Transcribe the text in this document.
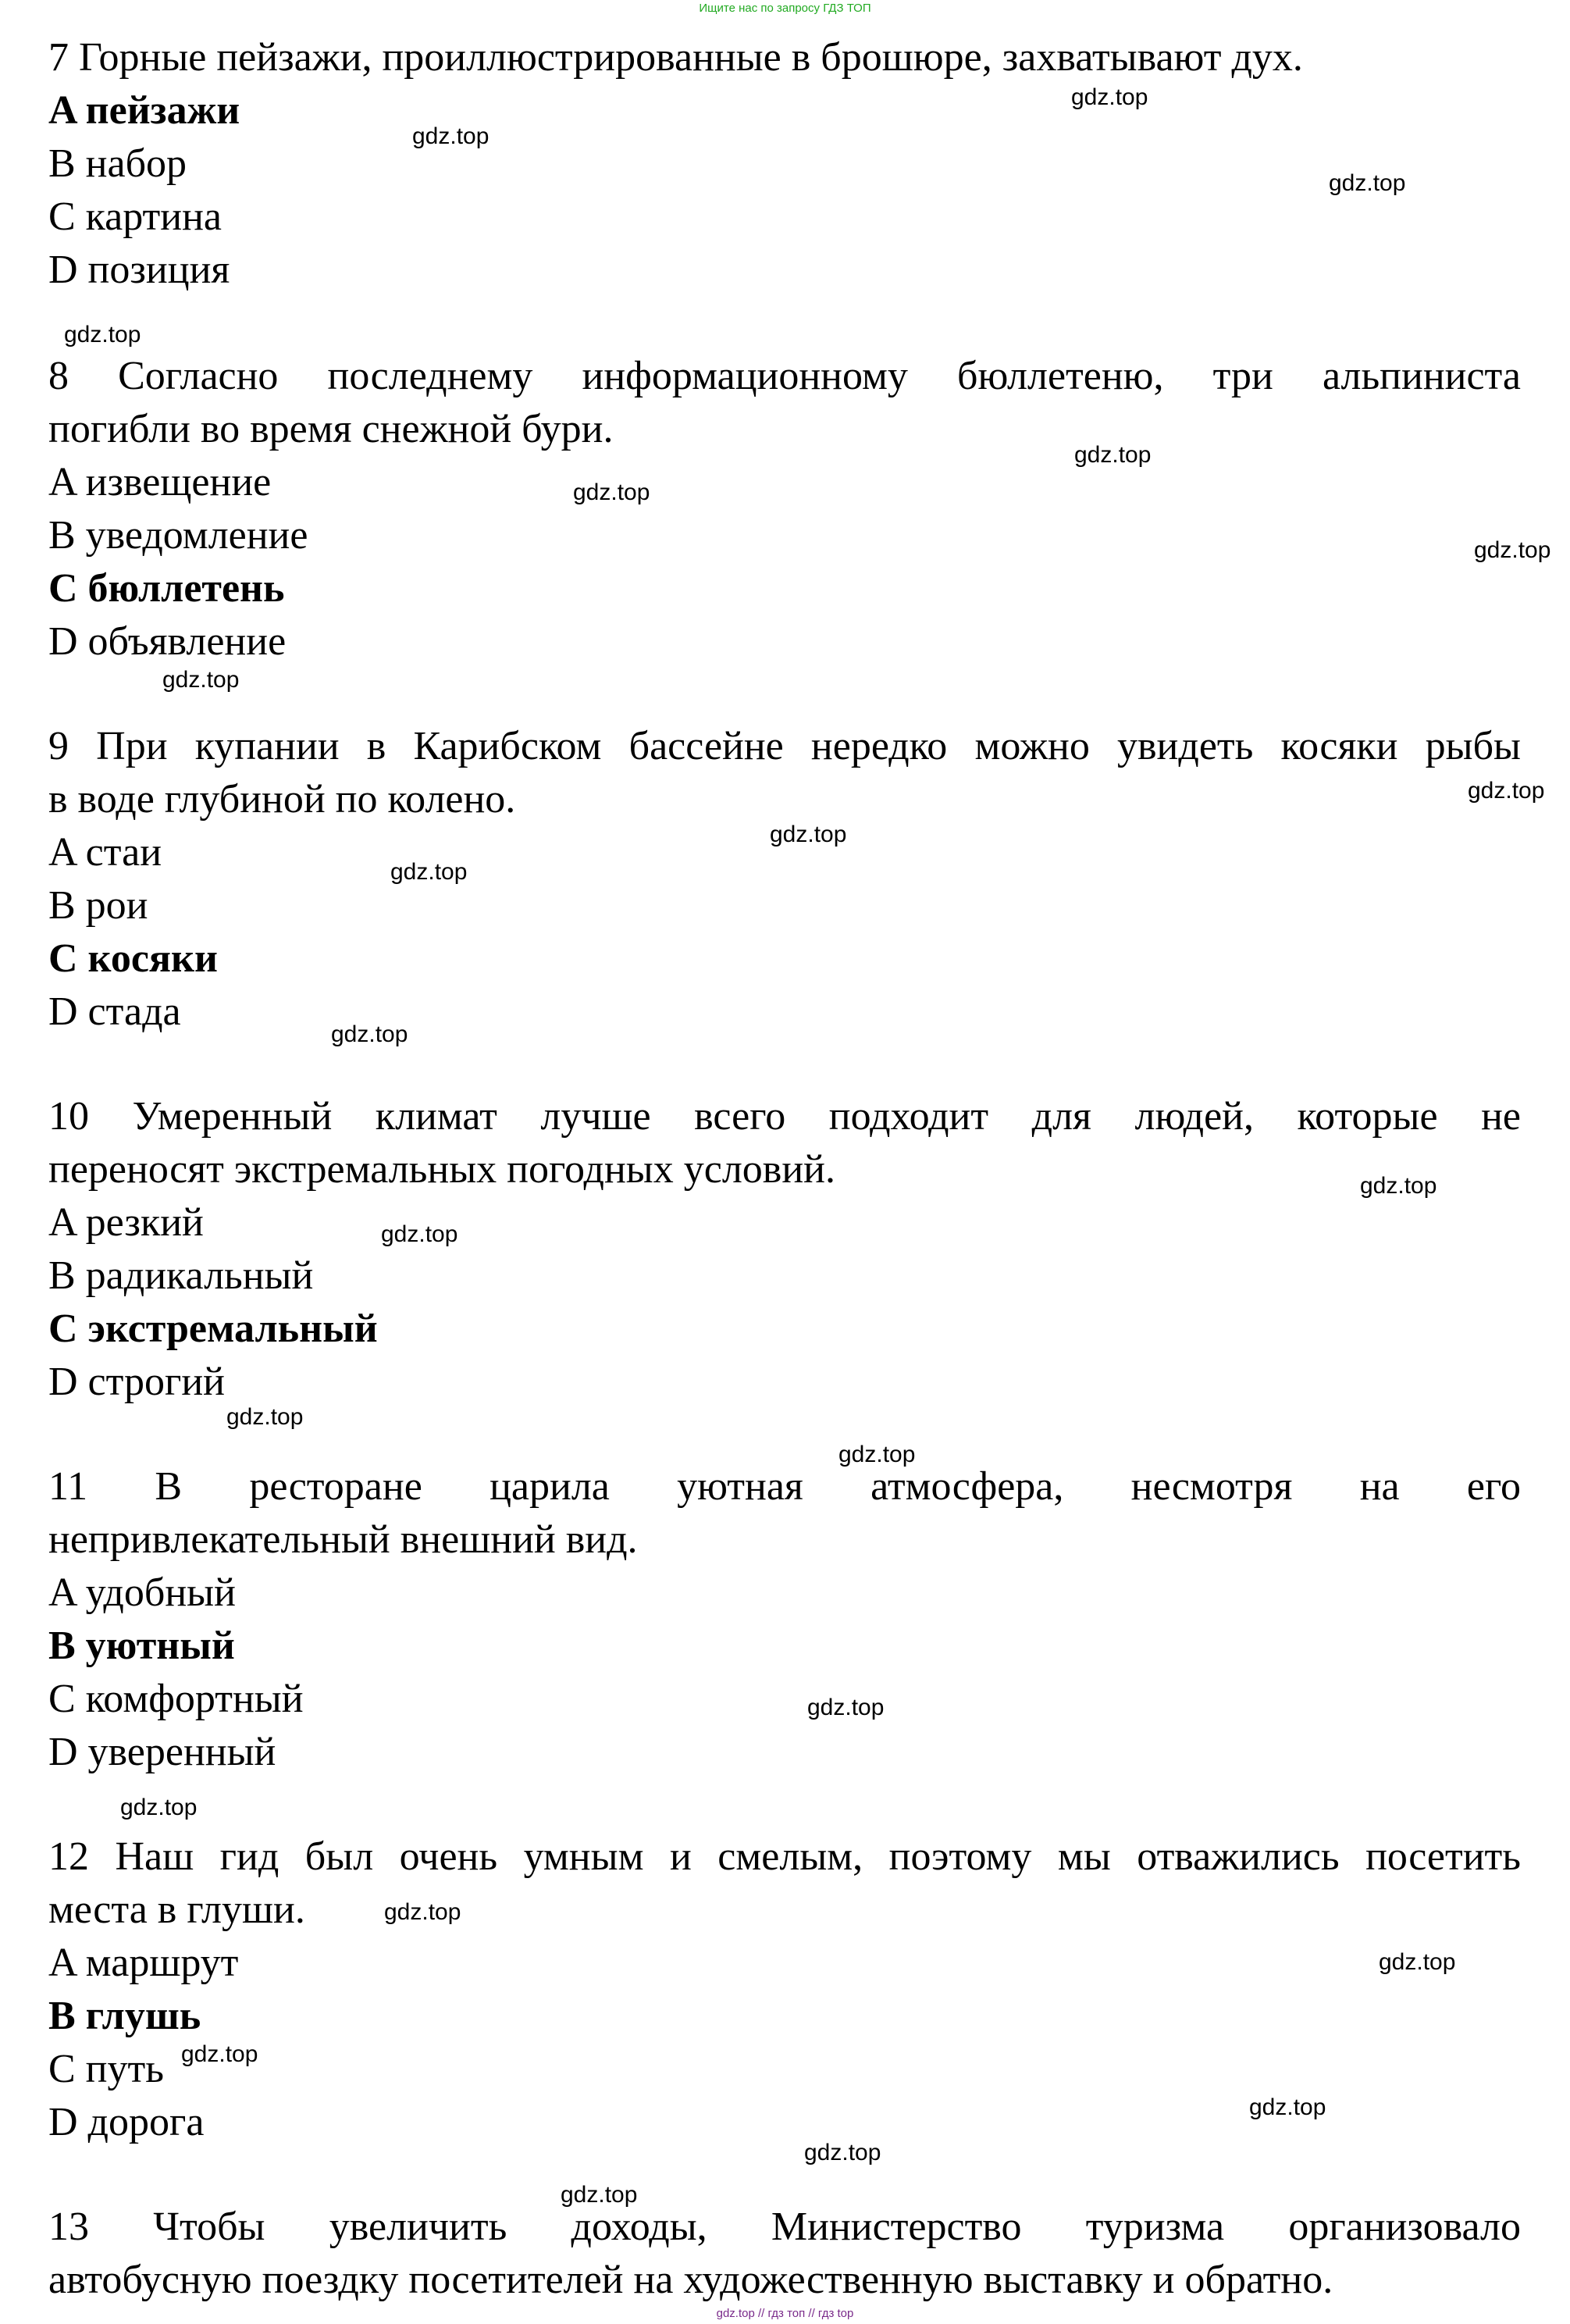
Ищите нас по запросу ГДЗ ТОП
7 Горные пейзажи, проиллюстрированные в брошюре, захватывают дух.
A пейзажи
B набор
C картина
D позиция
8 Согласно последнему информационному бюллетеню, три альпиниста
погибли во время снежной бури.
A извещение
B уведомление
C бюллетень
D объявление
9 При купании в Карибском бассейне нередко можно увидеть косяки рыбы
в воде глубиной по колено.
A стаи
B рои
C косяки
D стада
10 Умеренный климат лучше всего подходит для людей, которые не
переносят экстремальных погодных условий.
A резкий
B радикальный
C экстремальный
D строгий
11 В ресторане царила уютная атмосфера, несмотря на его
непривлекательный внешний вид.
A удобный
B уютный
C комфортный
D уверенный
12 Наш гид был очень умным и смелым, поэтому мы отважились посетить
места в глуши.
A маршрут
B глушь
C путь
D дорога
13 Чтобы увеличить доходы, Министерство туризма организовало
автобусную поездку посетителей на художественную выставку и обратно.
gdz.top
gdz.top
gdz.top
gdz.top
gdz.top
gdz.top
gdz.top
gdz.top
gdz.top
gdz.top
gdz.top
gdz.top
gdz.top
gdz.top
gdz.top
gdz.top
gdz.top
gdz.top
gdz.top
gdz.top
gdz.top
gdz.top
gdz.top
gdz.top
gdz.top // гдз топ // гдз top
